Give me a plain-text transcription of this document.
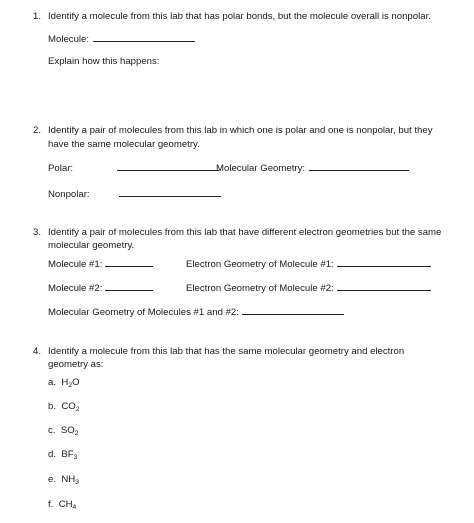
1. Identify a molecule from this lab that has polar bonds, but the molecule overall is nonpolar.
Molecule:
Explain how this happens:
2. Identify a pair of molecules from this lab in which one is polar and one is nonpolar, but they
have the same molecular geometry.
Polar:	Molecular Geometry:
Nonpolar:
3. Identify a pair of molecules from this lab that have different electron geometries but the same
molecular geometry.
Molecule #1:	Electron Geometry of Molecule #1:
Molecule #2:	Electron Geometry of Molecule #2:
Molecular Geometry of Molecules #1 and #2:
4. Identify a molecule from this lab that has the same molecular geometry and electron
geometry as:
a. $H_2O$
b. $CO_2$
c. $SO_2$
d. $BF_3$
e. $NH_3$
f. $CH_4$
